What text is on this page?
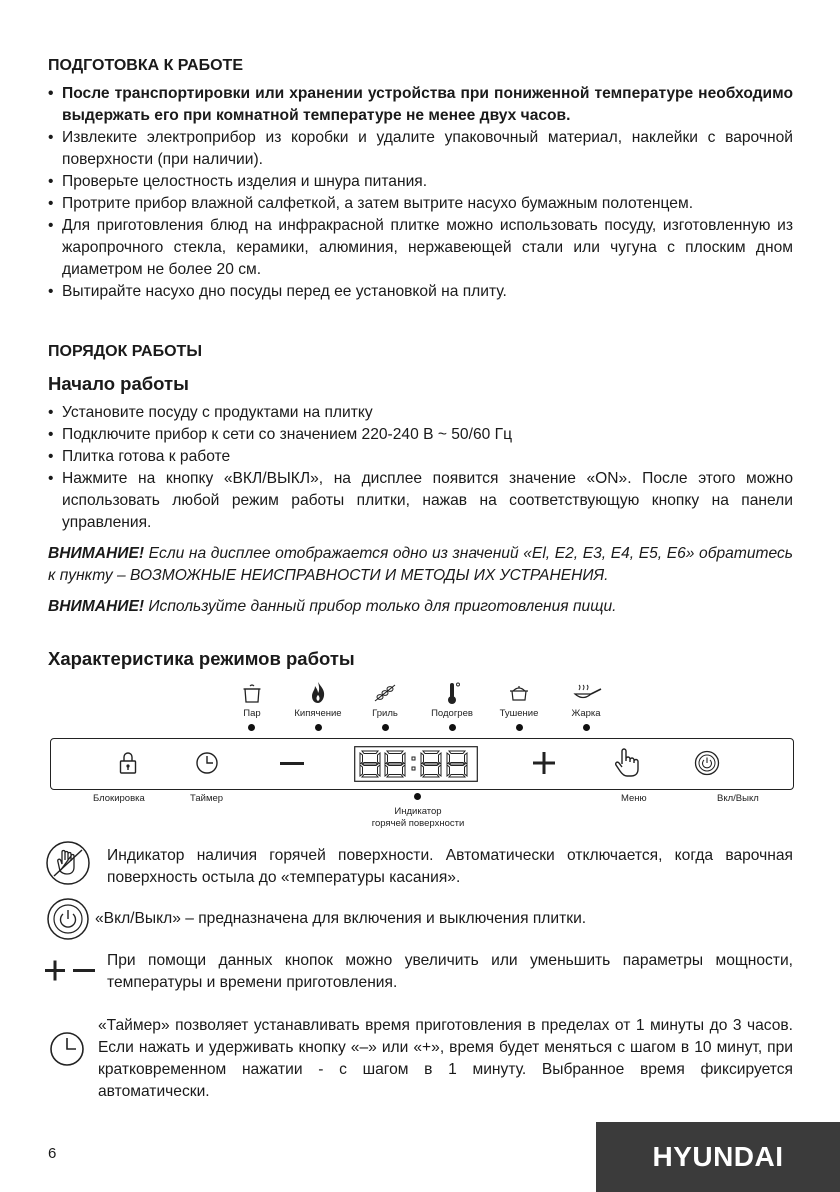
ПОДГОТОВКА К РАБОТЕ
• После транспортировки или хранении устройства при пониженной температуре необходимо выдержать его при комнатной температуре не менее двух часов.
• Извлеките электроприбор из коробки и удалите упаковочный материал, наклейки с варочной поверхности (при наличии).
• Проверьте целостность изделия и шнура питания.
• Протрите прибор влажной салфеткой, а затем вытрите насухо бумажным полотенцем.
• Для приготовления блюд на инфракрасной плитке можно использовать посуду, изготовленную из жаропрочного стекла, керамики, алюминия, нержавеющей стали или чугуна с плоским дном диаметром не более 20 см.
• Вытирайте насухо дно посуды перед ее установкой на плиту.
ПОРЯДОК РАБОТЫ
Начало работы
• Установите посуду с продуктами на плитку
• Подключите прибор к сети со значением 220-240 В ~ 50/60 Гц
• Плитка готова к работе
• Нажмите на кнопку «ВКЛ/ВЫКЛ», на дисплее появится значение «ON». После этого можно использовать любой режим работы плитки, нажав на соответствующую кнопку на панели управления.
ВНИМАНИЕ! Если на дисплее отображается одно из значений «El, E2, E3, E4, E5, E6» обратитесь к пункту – ВОЗМОЖНЫЕ НЕИСПРАВНОСТИ И МЕТОДЫ ИХ УСТРАНЕНИЯ.
ВНИМАНИЕ! Используйте данный прибор только для приготовления пищи.
Характеристика режимов работы
Пар	Кипячение	Гриль	Подогрев	Тушение	Жарка
Блокировка	Таймер
Индикатор
горячей поверхности
Меню	Вкл/Выкл
Индикатор наличия горячей поверхности. Автоматически отключается, когда варочная поверхность остыла до «температуры касания».
«Вкл/Выкл» – предназначена для включения и выключения плитки.
При помощи данных кнопок можно увеличить или уменьшить параметры мощности, температуры и времени приготовления.
«Таймер» позволяет устанавливать время приготовления в пределах от 1 минуты до 3 часов. Если нажать и удерживать кнопку «–» или «+», время будет меняться с шагом в 10 минут, при кратковременном нажатии - с шагом в 1 минуту. Выбранное время фиксируется автоматически.
6	HYUNDAI
